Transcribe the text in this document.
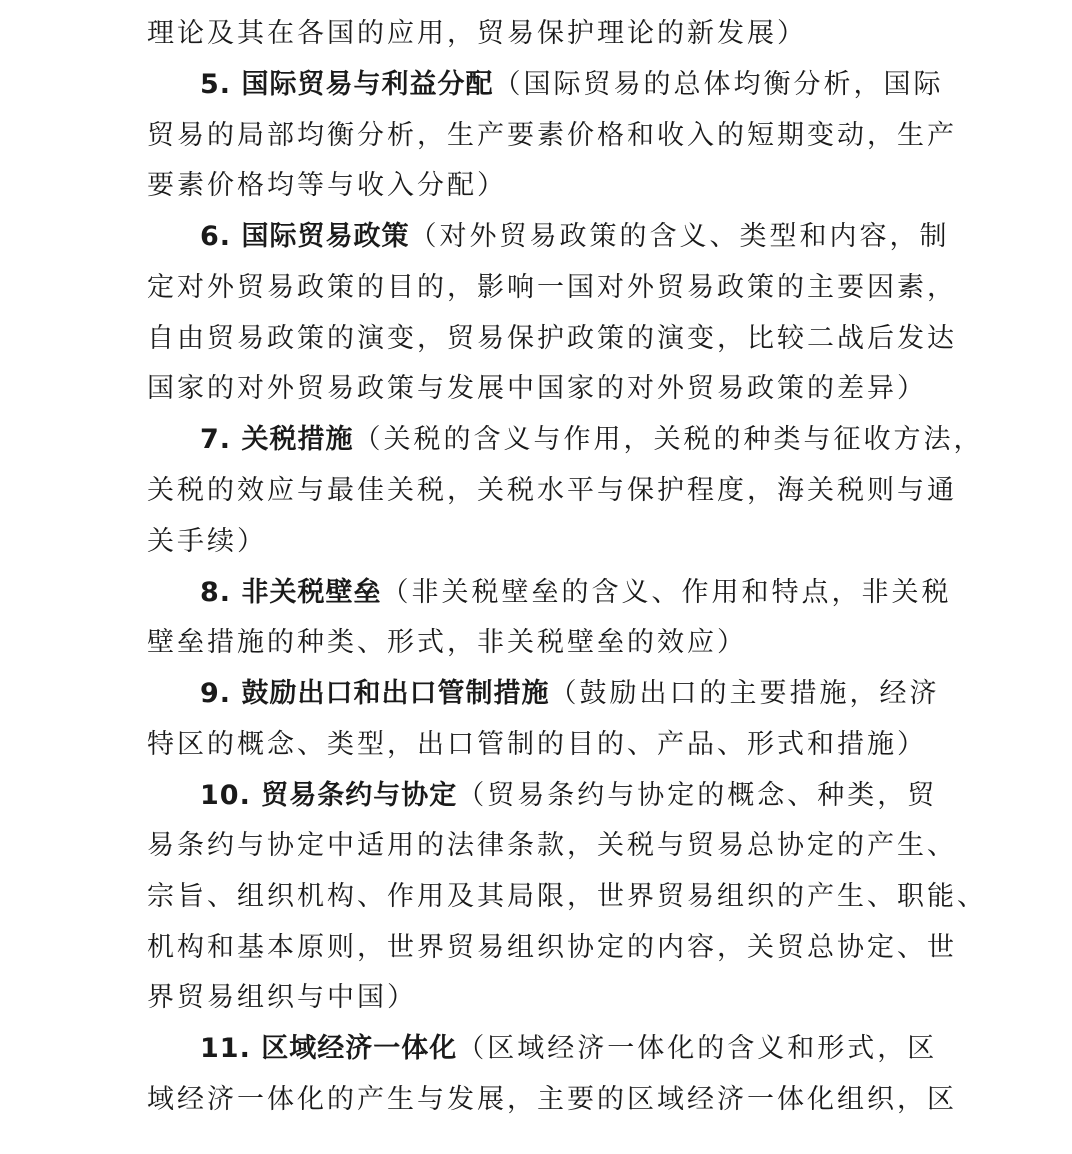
理论及其在各国的应用，贸易保护理论的新发展）
5. 国际贸易与利益分配（国际贸易的总体均衡分析，国际
贸易的局部均衡分析，生产要素价格和收入的短期变动，生产
要素价格均等与收入分配）
6. 国际贸易政策（对外贸易政策的含义、类型和内容，制
定对外贸易政策的目的，影响一国对外贸易政策的主要因素，
自由贸易政策的演变，贸易保护政策的演变，比较二战后发达
国家的对外贸易政策与发展中国家的对外贸易政策的差异）
7. 关税措施（关税的含义与作用，关税的种类与征收方法，
关税的效应与最佳关税，关税水平与保护程度，海关税则与通
关手续）
8. 非关税壁垒（非关税壁垒的含义、作用和特点，非关税
壁垒措施的种类、形式，非关税壁垒的效应）
9. 鼓励出口和出口管制措施（鼓励出口的主要措施，经济
特区的概念、类型，出口管制的目的、产品、形式和措施）
10. 贸易条约与协定（贸易条约与协定的概念、种类，贸
易条约与协定中适用的法律条款，关税与贸易总协定的产生、
宗旨、组织机构、作用及其局限，世界贸易组织的产生、职能、
机构和基本原则，世界贸易组织协定的内容，关贸总协定、世
界贸易组织与中国）
11. 区域经济一体化（区域经济一体化的含义和形式，区
域经济一体化的产生与发展，主要的区域经济一体化组织，区
